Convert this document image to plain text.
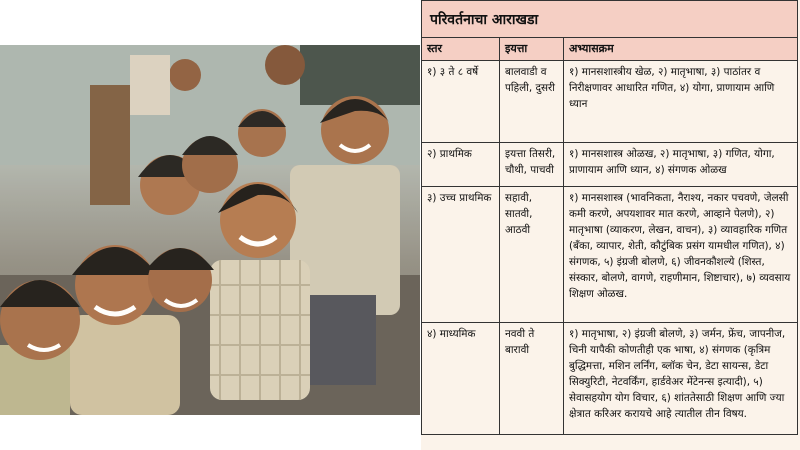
परिवर्तनाचा आराखडा
स्तर	इयत्ता	अभ्यासक्रम
१) ३ ते ८ वर्षे	बालवाडी व पहिली, दुसरी	१) मानसशास्त्रीय खेळ, २) मातृभाषा, ३) पाठांतर व निरीक्षणावर आधारित गणित, ४) योगा, प्राणायाम आणि ध्यान
२) प्राथमिक	इयत्ता तिसरी, चौथी, पाचवी	१) मानसशास्त्र ओळख, २) मातृभाषा, ३) गणित, योगा, प्राणायाम आणि ध्यान, ४) संगणक ओळख
३) उच्च प्राथमिक	सहावी, सातवी, आठवी	१) मानसशास्त्र (भावनिकता, नैराश्य, नकार पचवणे, जेलसी कमी करणे, अपयशावर मात करणे, आव्हाने पेलणे), २) मातृभाषा (व्याकरण, लेखन, वाचन), ३) व्यावहारिक गणित (बँका, व्यापार, शेती, कौटुंबिक प्रसंग यामधील गणित), ४) संगणक, ५) इंग्रजी बोलणे, ६) जीवनकौशल्ये (शिस्त, संस्कार, बोलणे, वागणे, राहणीमान, शिष्टाचार), ७) व्यवसाय शिक्षण ओळख.
४) माध्यमिक	नववी ते बारावी	१) मातृभाषा, २) इंग्रजी बोलणे, ३) जर्मन, फ्रेंच, जापनीज, चिनी यापैकी कोणतीही एक भाषा, ४) संगणक (कृत्रिम बुद्धिमत्ता, मशिन लर्निंग, ब्लॉक चेन, डेटा सायन्स, डेटा सिक्युरिटी, नेटवर्किंग, हार्डवेअर मेंटेनन्स इत्यादी), ५) सेवासहयोग योग विचार, ६) शांततेसाठी शिक्षण आणि ज्या क्षेत्रात करिअर करायचे आहे त्यातील तीन विषय.
